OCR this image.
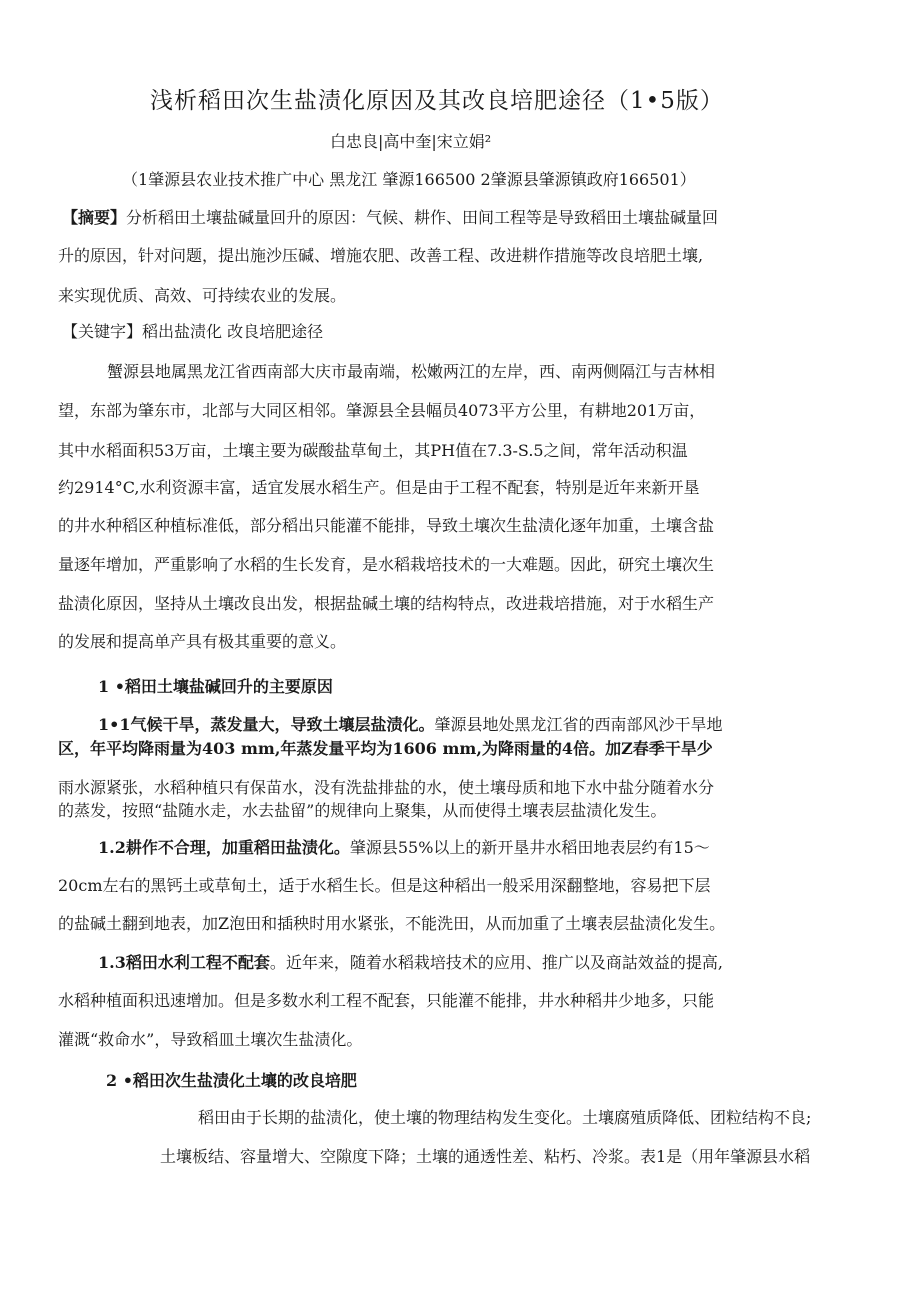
浅析稻田次生盐渍化原因及其改良培肥途径（1•5版）
白忠良|高中奎|宋立娟²
（1肇源县农业技术推广中心 黑龙江 肇源166500 2肇源县肇源镇政府166501）
【摘要】分析稻田土壤盐碱量回升的原因：气候、耕作、田间工程等是导致稻田土壤盐碱量回
升的原因，针对问题，提出施沙压碱、增施农肥、改善工程、改进耕作措施等改良培肥土壤,
来实现优质、高效、可持续农业的发展。
【关键字】稻出盐渍化 改良培肥途径
蟹源县地属黑龙江省西南部大庆市最南端，松嫩两江的左岸，西、南两侧隔江与吉林相
望，东部为肇东市，北部与大同区相邻。肇源县全县幅员4073平方公里，有耕地201万亩，
其中水稻面积53万亩，土壤主要为碳酸盐草甸土，其PH值在7.3-S.5之间，常年活动积温
约2914°C,水利资源丰富，适宜发展水稻生产。但是由于工程不配套，特别是近年来新开垦
的井水种稻区种植标准低，部分稻出只能灌不能排，导致土壤次生盐渍化逐年加重，土壤含盐
量逐年增加，严重影响了水稻的生长发育，是水稻栽培技术的一大难题。因此，研究土壤次生
盐渍化原因，坚持从土壤改良出发，根据盐碱土壤的结构特点，改进栽培措施，对于水稻生产
的发展和提高单产具有极其重要的意义。
1 •稻田土壤盐碱回升的主要原因
1•1气候干旱，蒸发量大，导致土壤层盐渍化。肇源县地处黑龙江省的西南部风沙干旱地
区，年平均降雨量为403 mm,年蒸发量平均为1606 mm,为降雨量的4倍。加Z春季干旱少
雨水源紧张，水稻种植只有保苗水，没有洗盐排盐的水，使土壤母质和地下水中盐分随着水分
的蒸发，按照“盐随水走，水去盐留”的规律向上聚集，从而使得土壤表层盐渍化发生。
1.2耕作不合理，加重稻田盐渍化。肇源县55%以上的新开垦井水稻田地表层约有15〜
20cm左右的黑钙土或草甸土，适于水稻生长。但是这种稻出一般采用深翻整地，容易把下层
的盐碱土翻到地表，加Z泡田和插秧时用水紧张，不能洗田，从而加重了土壤表层盐渍化发生。
1.3稻田水利工程不配套。近年来，随着水稻栽培技术的应用、推广以及商詁效益的提高,
水稻种植面积迅速增加。但是多数水利工程不配套，只能灌不能排，井水种稻井少地多，只能
灌溉“救命水”，导致稻皿土壤次生盐渍化。
2 •稻田次生盐渍化土壤的改良培肥
稻田由于长期的盐渍化，使土壤的物理结构发生变化。土壤腐殖质降低、团粒结构不良;
土壤板结、容量增大、空隙度下降；土壤的通透性差、粘朽、冷浆。表1是（用年肇源县水稻
